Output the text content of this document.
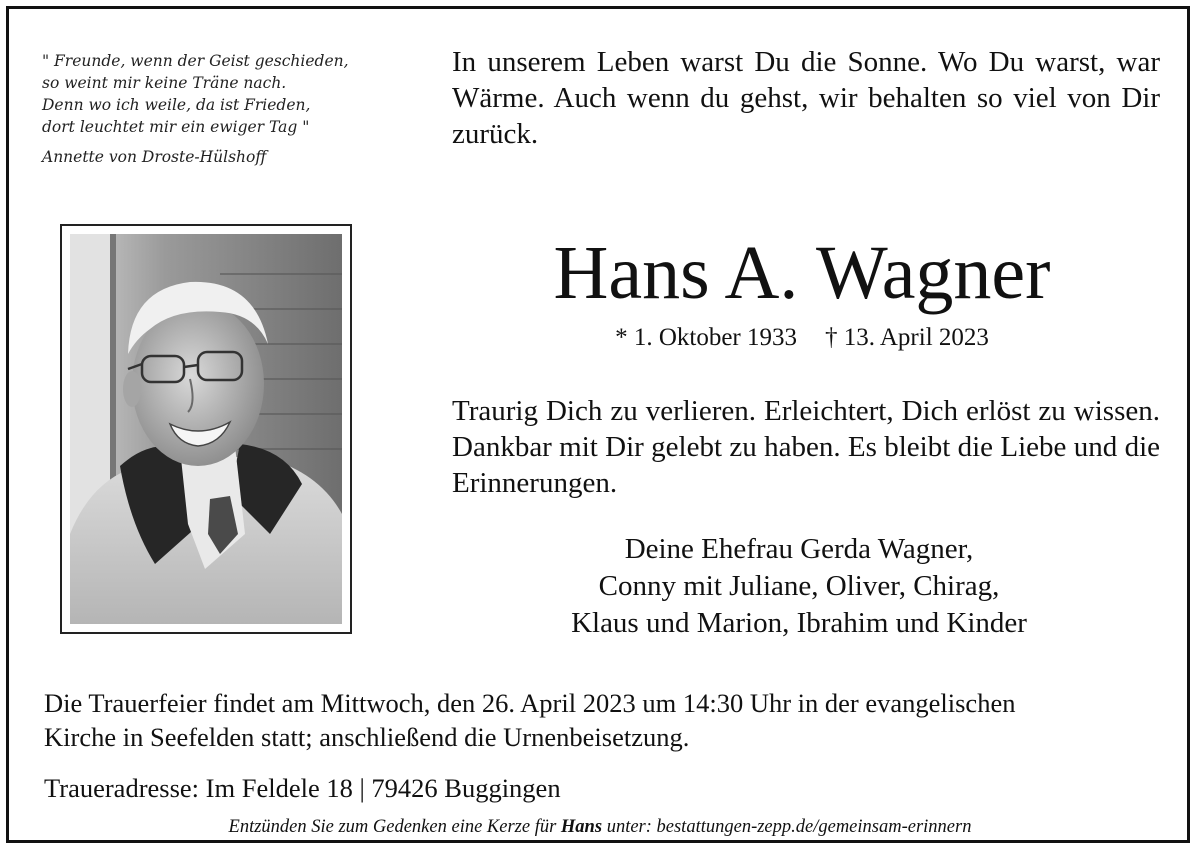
" Freunde, wenn der Geist geschieden,
so weint mir keine Träne nach.
Denn wo ich weile, da ist Frieden,
dort leuchtet mir ein ewiger Tag "
Annette von Droste-Hülshoff
In unserem Leben warst Du die Sonne. Wo Du warst, war Wärme. Auch wenn du gehst, wir behalten so viel von Dir zurück.
Hans A. Wagner
* 1. Oktober 1933 † 13. April 2023
Traurig Dich zu verlieren. Erleichtert, Dich erlöst zu wissen. Dankbar mit Dir gelebt zu haben. Es bleibt die Liebe und die Erinnerungen.
Deine Ehefrau Gerda Wagner,
Conny mit Juliane, Oliver, Chirag,
Klaus und Marion, Ibrahim und Kinder
Die Trauerfeier findet am Mittwoch, den 26. April 2023 um 14:30 Uhr in der evangelischen
Kirche in Seefelden statt; anschließend die Urnenbeisetzung.
Traueradresse: Im Feldele 18 | 79426 Buggingen
Entzünden Sie zum Gedenken eine Kerze für Hans unter: bestattungen-zepp.de/gemeinsam-erinnern
